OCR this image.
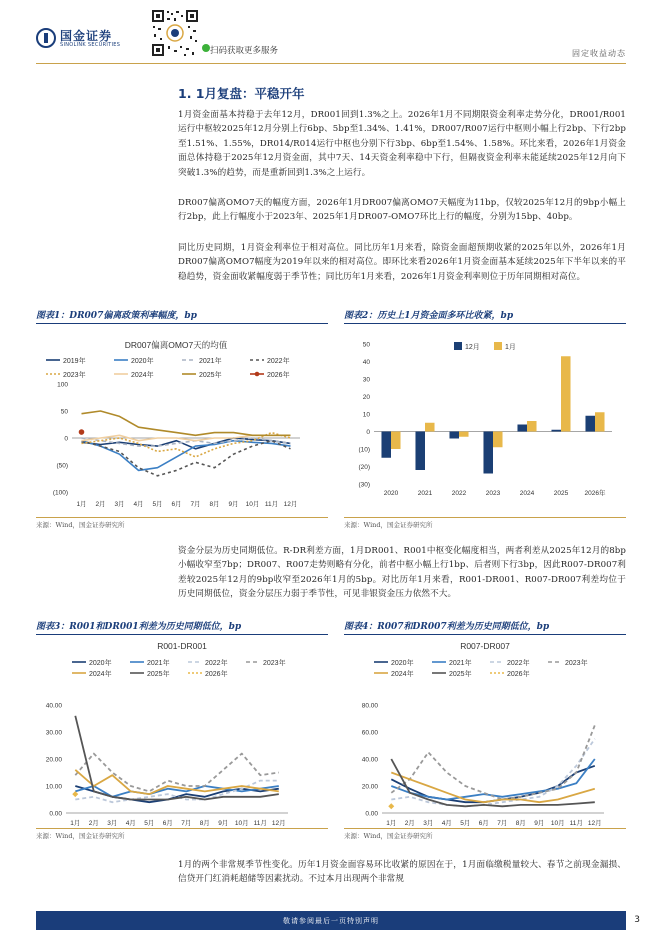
国金证券
SINOLINK SECURITIES
扫码获取更多服务	固定收益动态
1. 1月复盘：平稳开年
1月资金面基本持稳于去年12月，DR001回到1.3%之上。2026年1月不同期限资金利率走势分化，DR001/R001运行中枢较2025年12月分别上行6bp、5bp至1.34%、1.41%，DR007/R007运行中枢则小幅上行2bp、下行2bp至1.51%、1.55%，DR014/R014运行中枢也分别下行3bp、6bp至1.54%、1.58%。环比来看，2026年1月资金面总体持稳于2025年12月资金面，其中7天、14天资金利率稳中下行，但隔夜资金利率未能延续2025年12月向下突破1.3%的趋势，而是重新回到1.3%之上运行。
DR007偏离OMO7天的幅度方面，2026年1月DR007偏离OMO7天幅度为11bp，仅较2025年12月的9bp小幅上行2bp，此上行幅度小于2023年、2025年1月DR007-OMO7环比上行的幅度，分别为15bp、40bp。
同比历史同期，1月资金利率位于相对高位。同比历年1月来看，除资金面超预期收紧的2025年以外，2026年1月DR007偏离OMO7幅度为2019年以来的相对高位。即环比来看2026年1月资金面基本延续2025年下半年以来的平稳趋势，资金面收紧幅度弱于季节性；同比历年1月来看，2026年1月资金利率则位于历年同期相对高位。
图表1：DR007偏离政策利率幅度，bp
DR007偏离OMO7天的均值
2019年	2020年	2021年	2022年
2023年	2024年	2025年	2026年
100
50
0
(50)
(100)
1月 2月 3月 4月 5月 6月 7月 8月 9月 10月 11月 12月
来源：Wind，国金证券研究所
图表2：历史上1月资金面多环比收紧，bp
12月	1月
50
40
30
20
10
0
(10)
(20)
(30)
2020	2021	2022	2023	2024	2025	2026年
来源：Wind，国金证券研究所
资金分层为历史同期低位。R-DR利差方面，1月DR001、R001中枢变化幅度相当，两者利差从2025年12月的8bp小幅收窄至7bp；DR007、R007走势则略有分化，前者中枢小幅上行1bp、后者则下行3bp，因此R007-DR007利差较2025年12月的9bp收窄至2026年1月的5bp。对比历年1月来看，R001-DR001、R007-DR007利差均位于历史同期低位，资金分层压力弱于季节性，可见非银资金压力依然不大。
图表3：R001和DR001利差为历史同期低位，bp
R001-DR001
2020年	2021年	2022年	2023年
2024年	2025年	2026年
40.00
30.00
20.00
10.00
0.00
1月 2月 3月 4月 5月 6月 7月 8月 9月 10月 11月 12月
来源：Wind，国金证券研究所
图表4：R007和DR007利差为历史同期低位，bp
R007-DR007
2020年	2021年	2022年	2023年
2024年	2025年	2026年
80.00
60.00
40.00
20.00
0.00
1月 2月 3月 4月 5月 6月 7月 8月 9月 10月 11月 12月
来源：Wind，国金证券研究所
1月的两个非常规季节性变化。历年1月资金面容易环比收紧的原因在于，1月面临缴税量较大、春节之前现金漏损、信贷开门红消耗超储等因素扰动。不过本月出现两个非常规
敬请参阅最后一页特别声明	3
